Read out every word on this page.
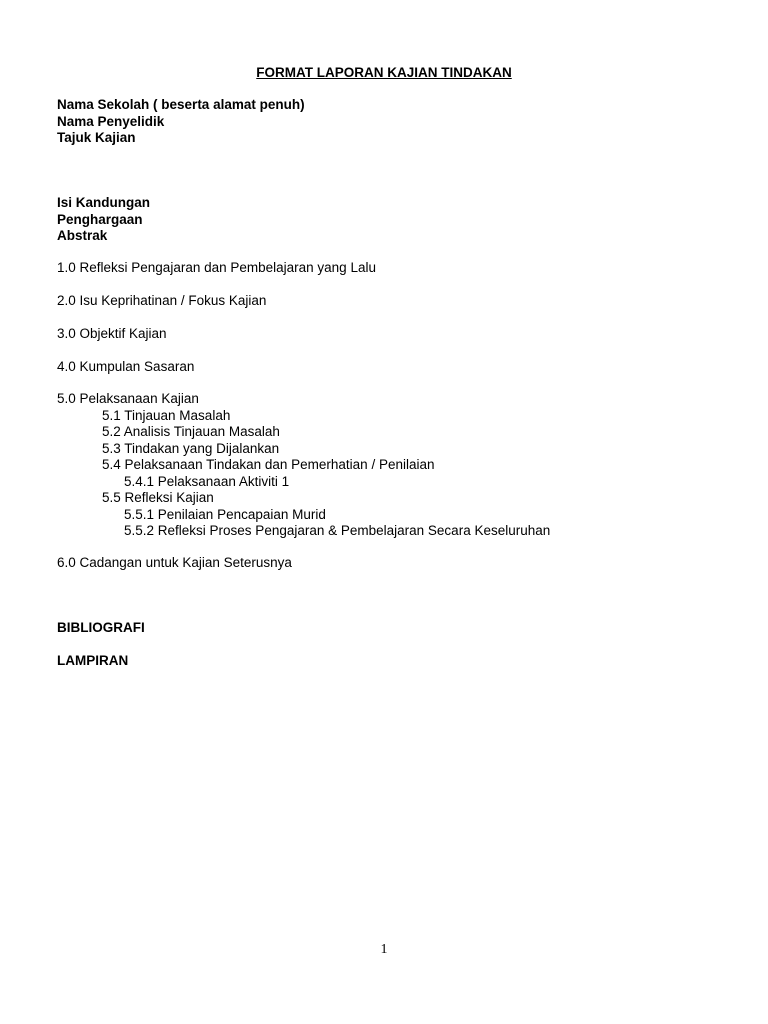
FORMAT LAPORAN KAJIAN TINDAKAN
Nama Sekolah ( beserta alamat penuh)
Nama Penyelidik
Tajuk Kajian
Isi Kandungan
Penghargaan
Abstrak
1.0 Refleksi Pengajaran dan Pembelajaran yang Lalu
2.0 Isu Keprihatinan / Fokus Kajian
3.0 Objektif Kajian
4.0 Kumpulan Sasaran
5.0 Pelaksanaan Kajian
5.1 Tinjauan Masalah
5.2 Analisis Tinjauan Masalah
5.3 Tindakan yang Dijalankan
5.4 Pelaksanaan Tindakan dan Pemerhatian / Penilaian
5.4.1 Pelaksanaan Aktiviti 1
5.5 Refleksi Kajian
5.5.1 Penilaian Pencapaian Murid
5.5.2 Refleksi Proses Pengajaran & Pembelajaran Secara Keseluruhan
6.0 Cadangan untuk Kajian Seterusnya
BIBLIOGRAFI
LAMPIRAN
1
